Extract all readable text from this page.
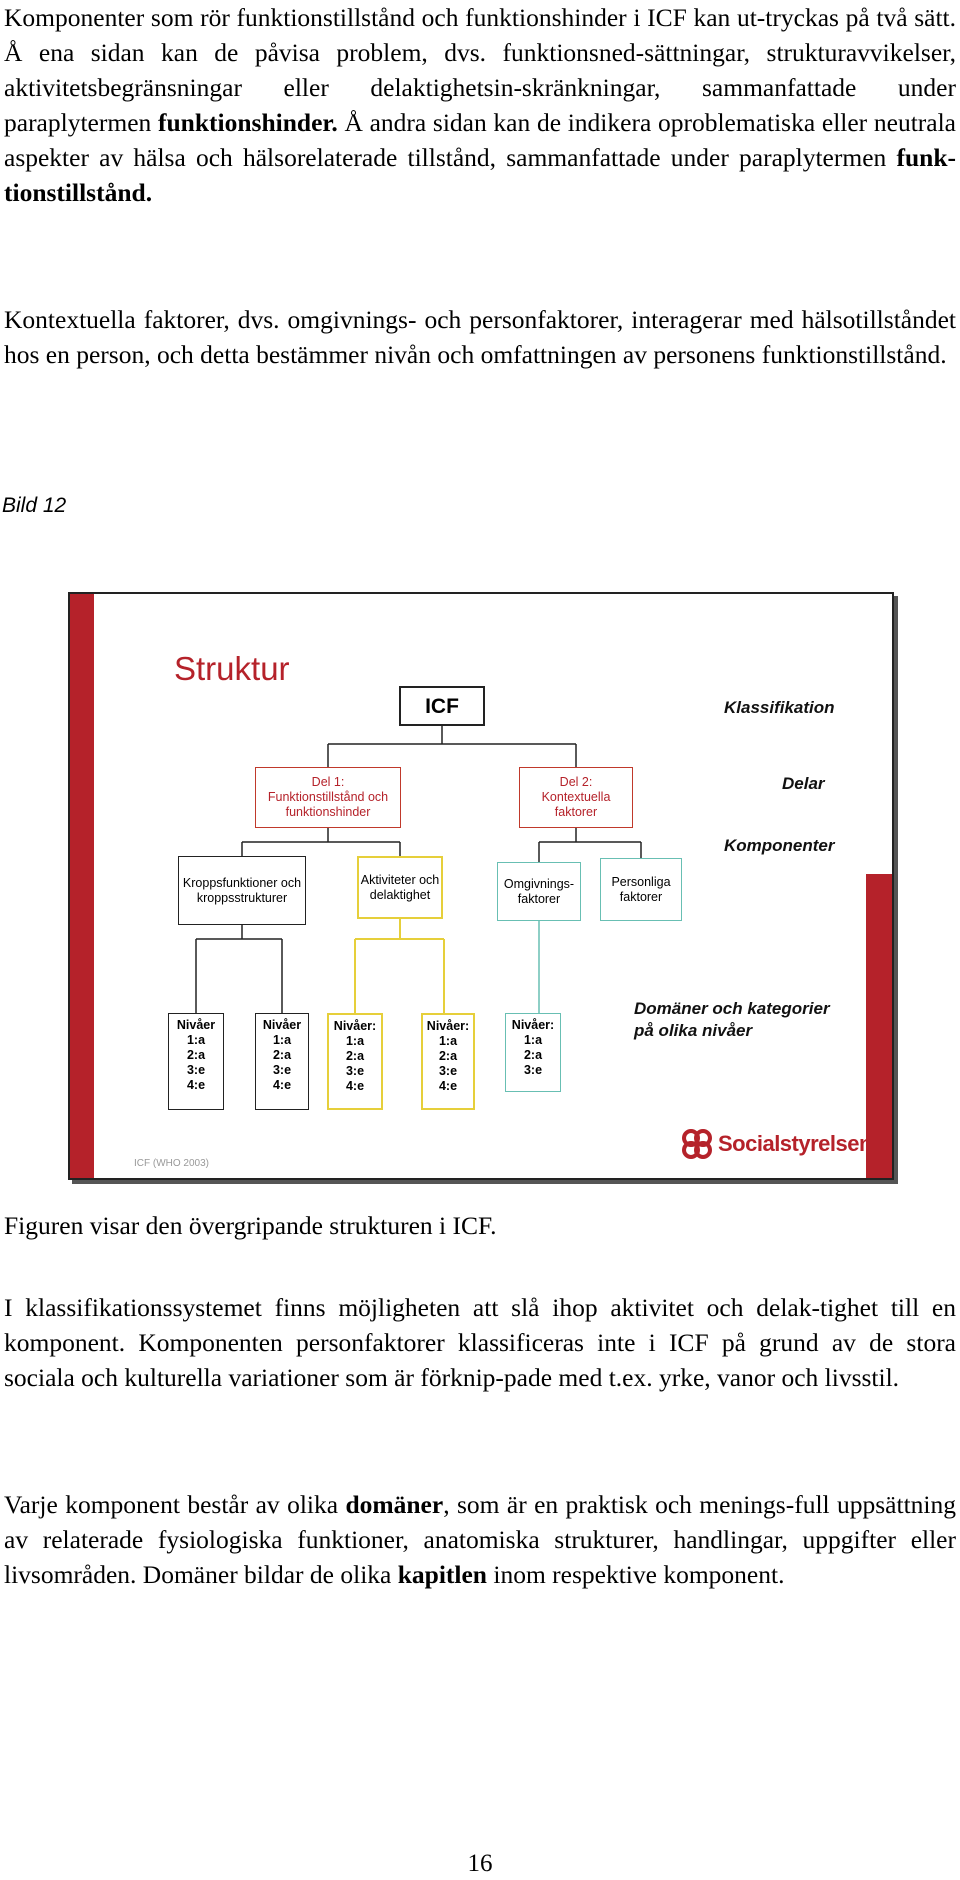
Komponenter som rör funktionstillstånd och funktionshinder i ICF kan ut-tryckas på två sätt. Å ena sidan kan de påvisa problem, dvs. funktionsned-sättningar, strukturavvikelser, aktivitetsbegränsningar eller delaktighetsin-skränkningar, sammanfattade under paraplytermen funktionshinder. Å andra sidan kan de indikera oproblematiska eller neutrala aspekter av hälsa och hälsorelaterade tillstånd, sammanfattade under paraplytermen funk-tionstillstånd.
Kontextuella faktorer, dvs. omgivnings- och personfaktorer, interagerar med hälsotillståndet hos en person, och detta bestämmer nivån och omfattningen av personens funktionstillstånd.
Bild 12
Struktur
ICF	Klassifikation
Del 1:
Funktionstillstånd och funktionshinder
Del 2:
Kontextuella faktorer
Delar
Kroppsfunktioner och kroppsstrukturer
Aktiviteter och delaktighet
Omgivnings-faktorer
Personliga faktorer
Komponenter
Nivåer
1:a
2:a
3:e
4:e
Nivåer
1:a
2:a
3:e
4:e
Nivåer:
1:a
2:a
3:e
4:e
Nivåer:
1:a
2:a
3:e
4:e
Nivåer:
1:a
2:a
3:e
Domäner och kategorier på olika nivåer
ICF (WHO 2003)
Socialstyrelsen
Figuren visar den övergripande strukturen i ICF.
I klassifikationssystemet finns möjligheten att slå ihop aktivitet och delak-tighet till en komponent. Komponenten personfaktorer klassificeras inte i ICF på grund av de stora sociala och kulturella variationer som är förknip-pade med t.ex. yrke, vanor och livsstil.
Varje komponent består av olika domäner, som är en praktisk och menings-full uppsättning av relaterade fysiologiska funktioner, anatomiska strukturer, handlingar, uppgifter eller livsområden. Domäner bildar de olika kapitlen inom respektive komponent.
16
